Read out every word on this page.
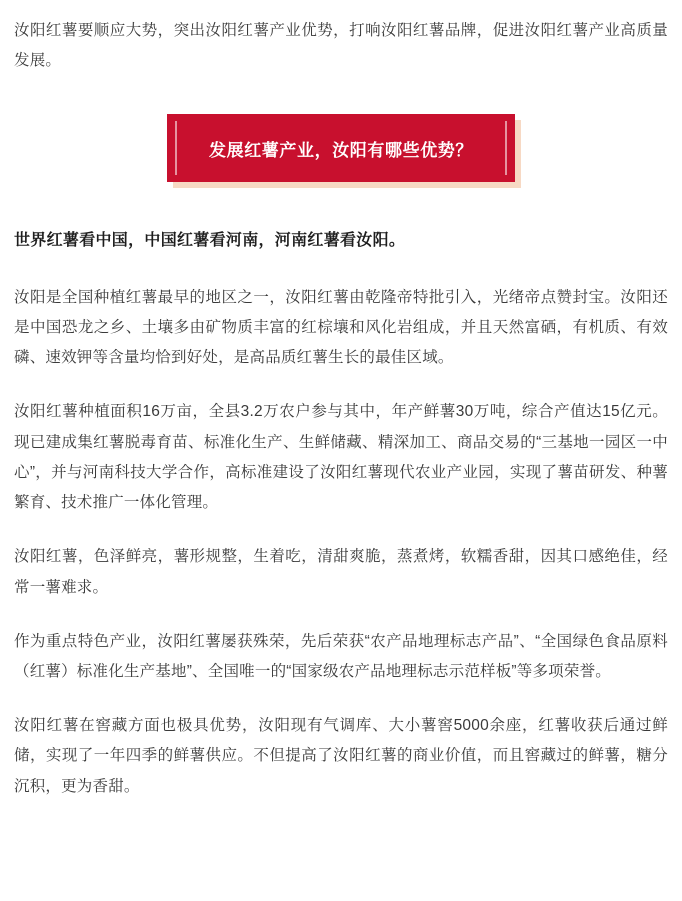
汝阳红薯要顺应大势，突出汝阳红薯产业优势，打响汝阳红薯品牌，促进汝阳红薯产业高质量发展。

发展红薯产业，汝阳有哪些优势？

世界红薯看中国，中国红薯看河南，河南红薯看汝阳。

汝阳是全国种植红薯最早的地区之一，汝阳红薯由乾隆帝特批引入，光绪帝点赞封宝。汝阳还是中国恐龙之乡、土壤多由矿物质丰富的红棕壤和风化岩组成，并且天然富硒，有机质、有效磷、速效钾等含量均恰到好处，是高品质红薯生长的最佳区域。

汝阳红薯种植面积16万亩，全县3.2万农户参与其中，年产鲜薯30万吨，综合产值达15亿元。现已建成集红薯脱毒育苗、标准化生产、生鲜储藏、精深加工、商品交易的“三基地一园区一中心”，并与河南科技大学合作，高标准建设了汝阳红薯现代农业产业园，实现了薯苗研发、种薯繁育、技术推广一体化管理。

汝阳红薯，色泽鲜亮，薯形规整，生着吃，清甜爽脆，蒸煮烤，软糯香甜，因其口感绝佳，经常一薯难求。

作为重点特色产业，汝阳红薯屡获殊荣，先后荣获“农产品地理标志产品”、“全国绿色食品原料（红薯）标准化生产基地”、全国唯一的“国家级农产品地理标志示范样板”等多项荣誉。

汝阳红薯在窖藏方面也极具优势，汝阳现有气调库、大小薯窖5000余座，红薯收获后通过鲜储，实现了一年四季的鲜薯供应。不但提高了汝阳红薯的商业价值，而且窖藏过的鲜薯，糖分沉积，更为香甜。
